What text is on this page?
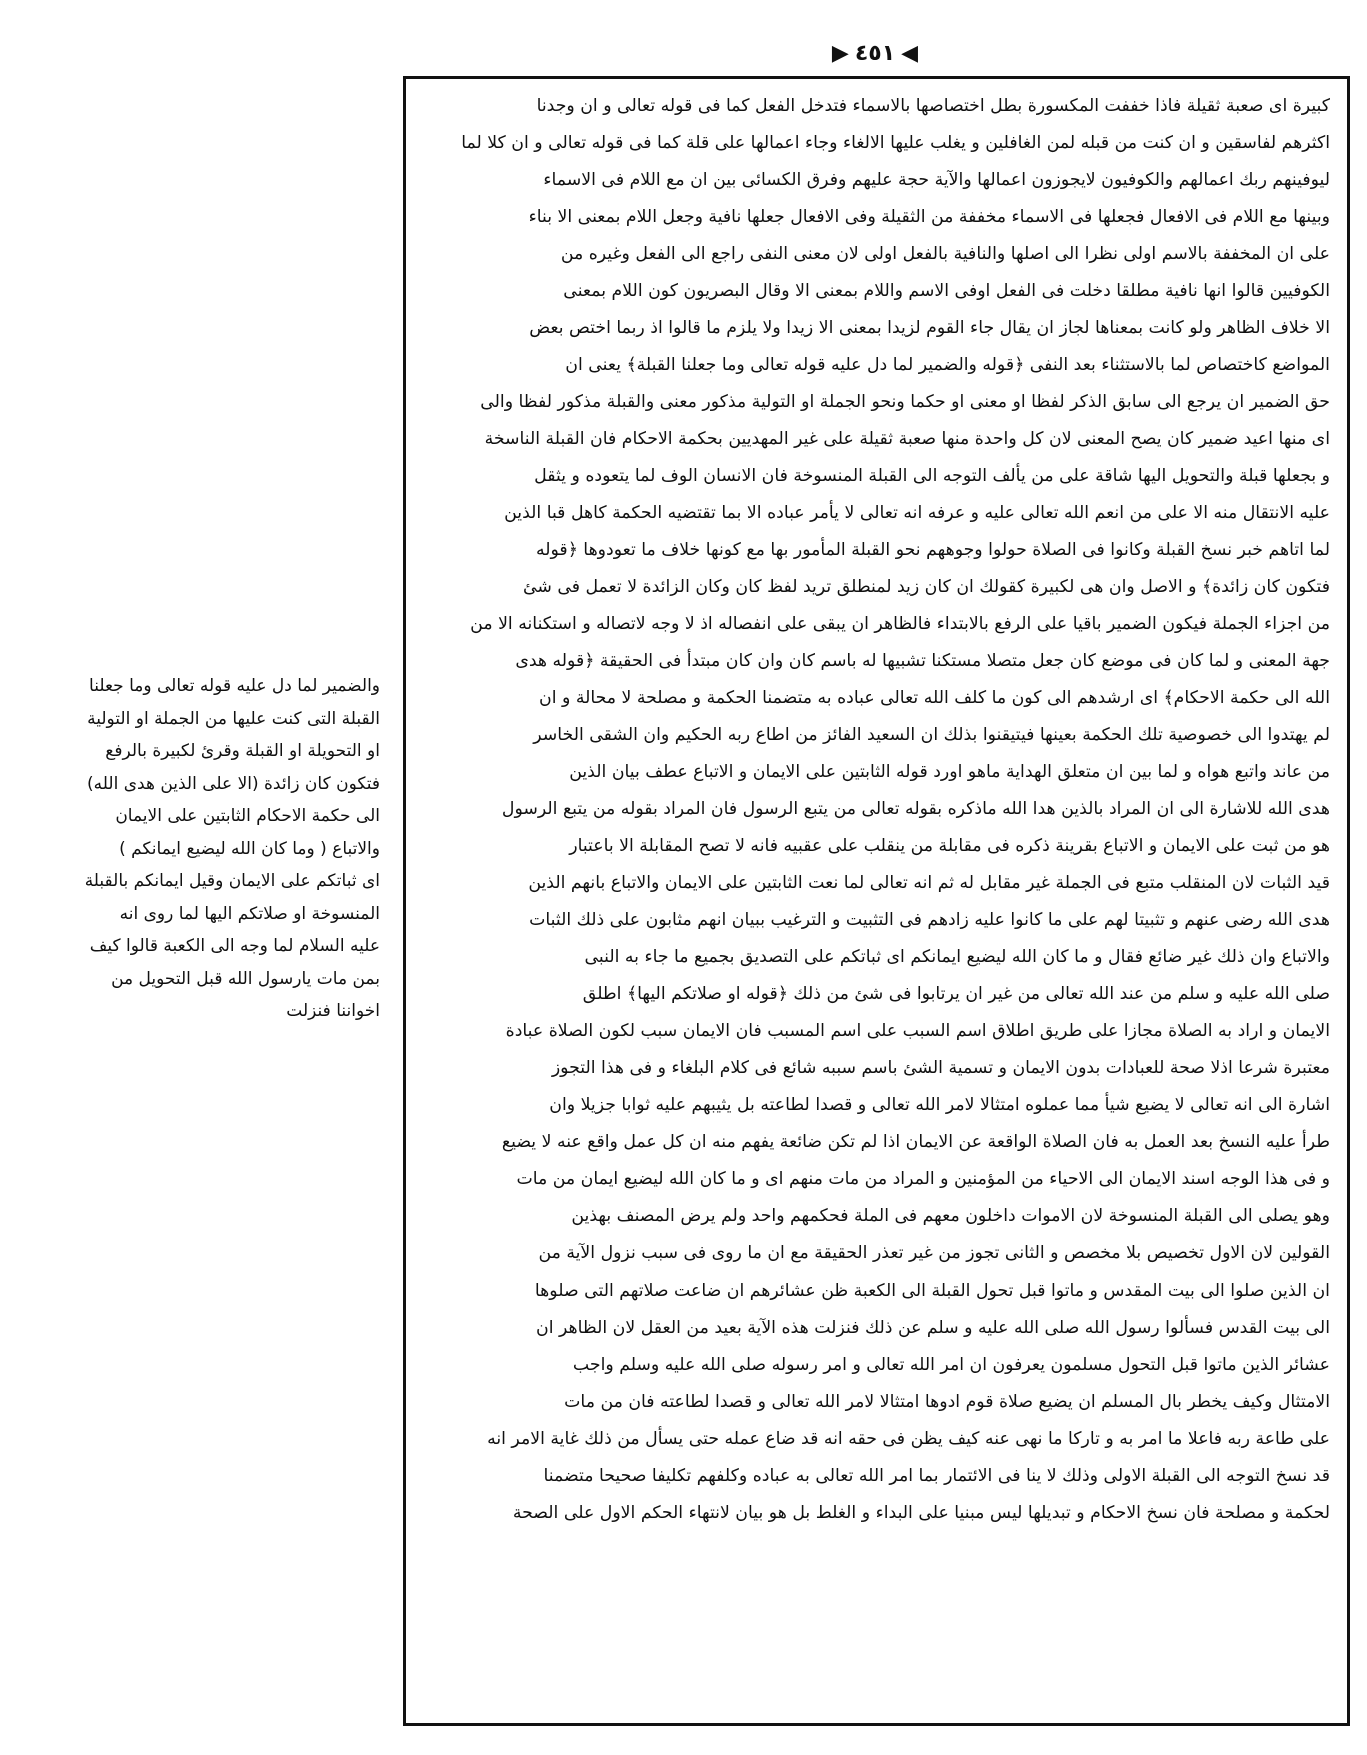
▶ ٤٥١ ◀
كبيرة اى صعبة ثقيلة فاذا خففت المكسورة بطل اختصاصها بالاسماء فتدخل الفعل كما فى قوله تعالى و ان وجدنا
اكثرهم لفاسقين و ان كنت من قبله لمن الغافلين و يغلب عليها الالغاء وجاء اعمالها على قلة كما فى قوله تعالى و ان كلا لما
ليوفينهم ربك اعمالهم والكوفيون لايجوزون اعمالها والآية حجة عليهم وفرق الكسائى بين ان مع اللام فى الاسماء
وبينها مع اللام فى الافعال فجعلها فى الاسماء مخففة من الثقيلة وفى الافعال جعلها نافية وجعل اللام بمعنى الا بناء
على ان المخففة بالاسم اولى نظرا الى اصلها والنافية بالفعل اولى لان معنى النفى راجع الى الفعل وغيره من
الكوفيين قالوا انها نافية مطلقا دخلت فى الفعل اوفى الاسم واللام بمعنى الا وقال البصريون كون اللام بمعنى
الا خلاف الظاهر ولو كانت بمعناها لجاز ان يقال جاء القوم لزيدا بمعنى الا زيدا ولا يلزم ما قالوا اذ ربما اختص بعض
المواضع كاختصاص لما بالاستثناء بعد النفى ﴿قوله والضمير لما دل عليه قوله تعالى وما جعلنا القبلة﴾ يعنى ان
حق الضمير ان يرجع الى سابق الذكر لفظا او معنى او حكما ونحو الجملة او التولية مذكور معنى والقبلة مذكور لفظا والى
اى منها اعيد ضمير كان يصح المعنى لان كل واحدة منها صعبة ثقيلة على غير المهديين بحكمة الاحكام فان القبلة الناسخة
و بجعلها قبلة والتحويل اليها شاقة على من يألف التوجه الى القبلة المنسوخة فان الانسان الوف لما يتعوده و يثقل
عليه الانتقال منه الا على من انعم الله تعالى عليه و عرفه انه تعالى لا يأمر عباده الا بما تقتضيه الحكمة كاهل قبا الذين
لما اتاهم خبر نسخ القبلة وكانوا فى الصلاة حولوا وجوههم نحو القبلة المأمور بها مع كونها خلاف ما تعودوها ﴿قوله
فتكون كان زائدة﴾ و الاصل وان هى لكبيرة كقولك ان كان زيد لمنطلق تريد لفظ كان وكان الزائدة لا تعمل فى شئ
من اجزاء الجملة فيكون الضمير باقيا على الرفع بالابتداء فالظاهر ان يبقى على انفصاله اذ لا وجه لاتصاله و استكنانه الا من
جهة المعنى و لما كان فى موضع كان جعل متصلا مستكنا تشبيها له باسم كان وان كان مبتدأ فى الحقيقة ﴿قوله هدى
الله الى حكمة الاحكام﴾ اى ارشدهم الى كون ما كلف الله تعالى عباده به متضمنا الحكمة و مصلحة لا محالة و ان
لم يهتدوا الى خصوصية تلك الحكمة بعينها فيتيقنوا بذلك ان السعيد الفائز من اطاع ربه الحكيم وان الشقى الخاسر
من عاند واتبع هواه و لما بين ان متعلق الهداية ماهو اورد قوله الثابتين على الايمان و الاتباع عطف بيان الذين
هدى الله للاشارة الى ان المراد بالذين هدا الله ماذكره بقوله تعالى من يتبع الرسول فان المراد بقوله من يتبع الرسول
هو من ثبت على الايمان و الاتباع بقرينة ذكره فى مقابلة من ينقلب على عقبيه فانه لا تصح المقابلة الا باعتبار
قيد الثبات لان المنقلب متبع فى الجملة غير مقابل له ثم انه تعالى لما نعت الثابتين على الايمان والاتباع بانهم الذين
هدى الله رضى عنهم و تثبيتا لهم على ما كانوا عليه زادهم فى التثبيت و الترغيب ببيان انهم مثابون على ذلك الثبات
والاتباع وان ذلك غير ضائع فقال و ما كان الله ليضيع ايمانكم اى ثباتكم على التصديق بجميع ما جاء به النبى
صلى الله عليه و سلم من عند الله تعالى من غير ان يرتابوا فى شئ من ذلك ﴿قوله او صلاتكم اليها﴾ اطلق
الايمان و اراد به الصلاة مجازا على طريق اطلاق اسم السبب على اسم المسبب فان الايمان سبب لكون الصلاة عبادة
معتبرة شرعا اذلا صحة للعبادات بدون الايمان و تسمية الشئ باسم سببه شائع فى كلام البلغاء و فى هذا التجوز
اشارة الى انه تعالى لا يضيع شيأ مما عملوه امتثالا لامر الله تعالى و قصدا لطاعته بل يثيبهم عليه ثوابا جزيلا وان
طرأ عليه النسخ بعد العمل به فان الصلاة الواقعة عن الايمان اذا لم تكن ضائعة يفهم منه ان كل عمل واقع عنه لا يضيع
و فى هذا الوجه اسند الايمان الى الاحياء من المؤمنين و المراد من مات منهم اى و ما كان الله ليضيع ايمان من مات
وهو يصلى الى القبلة المنسوخة لان الاموات داخلون معهم فى الملة فحكمهم واحد ولم يرض المصنف بهذين
القولين لان الاول تخصيص بلا مخصص و الثانى تجوز من غير تعذر الحقيقة مع ان ما روى فى سبب نزول الآية من
ان الذين صلوا الى بيت المقدس و ماتوا قبل تحول القبلة الى الكعبة ظن عشائرهم ان ضاعت صلاتهم التى صلوها
الى بيت القدس فسألوا رسول الله صلى الله عليه و سلم عن ذلك فنزلت هذه الآية بعيد من العقل لان الظاهر ان
عشائر الذين ماتوا قبل التحول مسلمون يعرفون ان امر الله تعالى و امر رسوله صلى الله عليه وسلم واجب
الامتثال وكيف يخطر بال المسلم ان يضيع صلاة قوم ادوها امتثالا لامر الله تعالى و قصدا لطاعته فان من مات
على طاعة ربه فاعلا ما امر به و تاركا ما نهى عنه كيف يظن فى حقه انه قد ضاع عمله حتى يسأل من ذلك غاية الامر انه
قد نسخ التوجه الى القبلة الاولى وذلك لا ينا فى الائتمار بما امر الله تعالى به عباده وكلفهم تكليفا صحيحا متضمنا
لحكمة و مصلحة فان نسخ الاحكام و تبديلها ليس مبنيا على البداء و الغلط بل هو بيان لانتهاء الحكم الاول على الصحة
والضمير لما دل عليه قوله تعالى وما جعلنا
القبلة التى كنت عليها من الجملة او التولية
او التحويلة او القبلة وقرئ لكبيرة بالرفع
فتكون كان زائدة (الا على الذين هدى الله)
الى حكمة الاحكام الثابتين على الايمان
والاتباع ( وما كان الله ليضيع ايمانكم )
اى ثباتكم على الايمان وقيل ايمانكم بالقبلة
المنسوخة او صلاتكم اليها لما روى انه
عليه السلام لما وجه الى الكعبة قالوا كيف
بمن مات يارسول الله قبل التحويل من
اخواننا فنزلت
